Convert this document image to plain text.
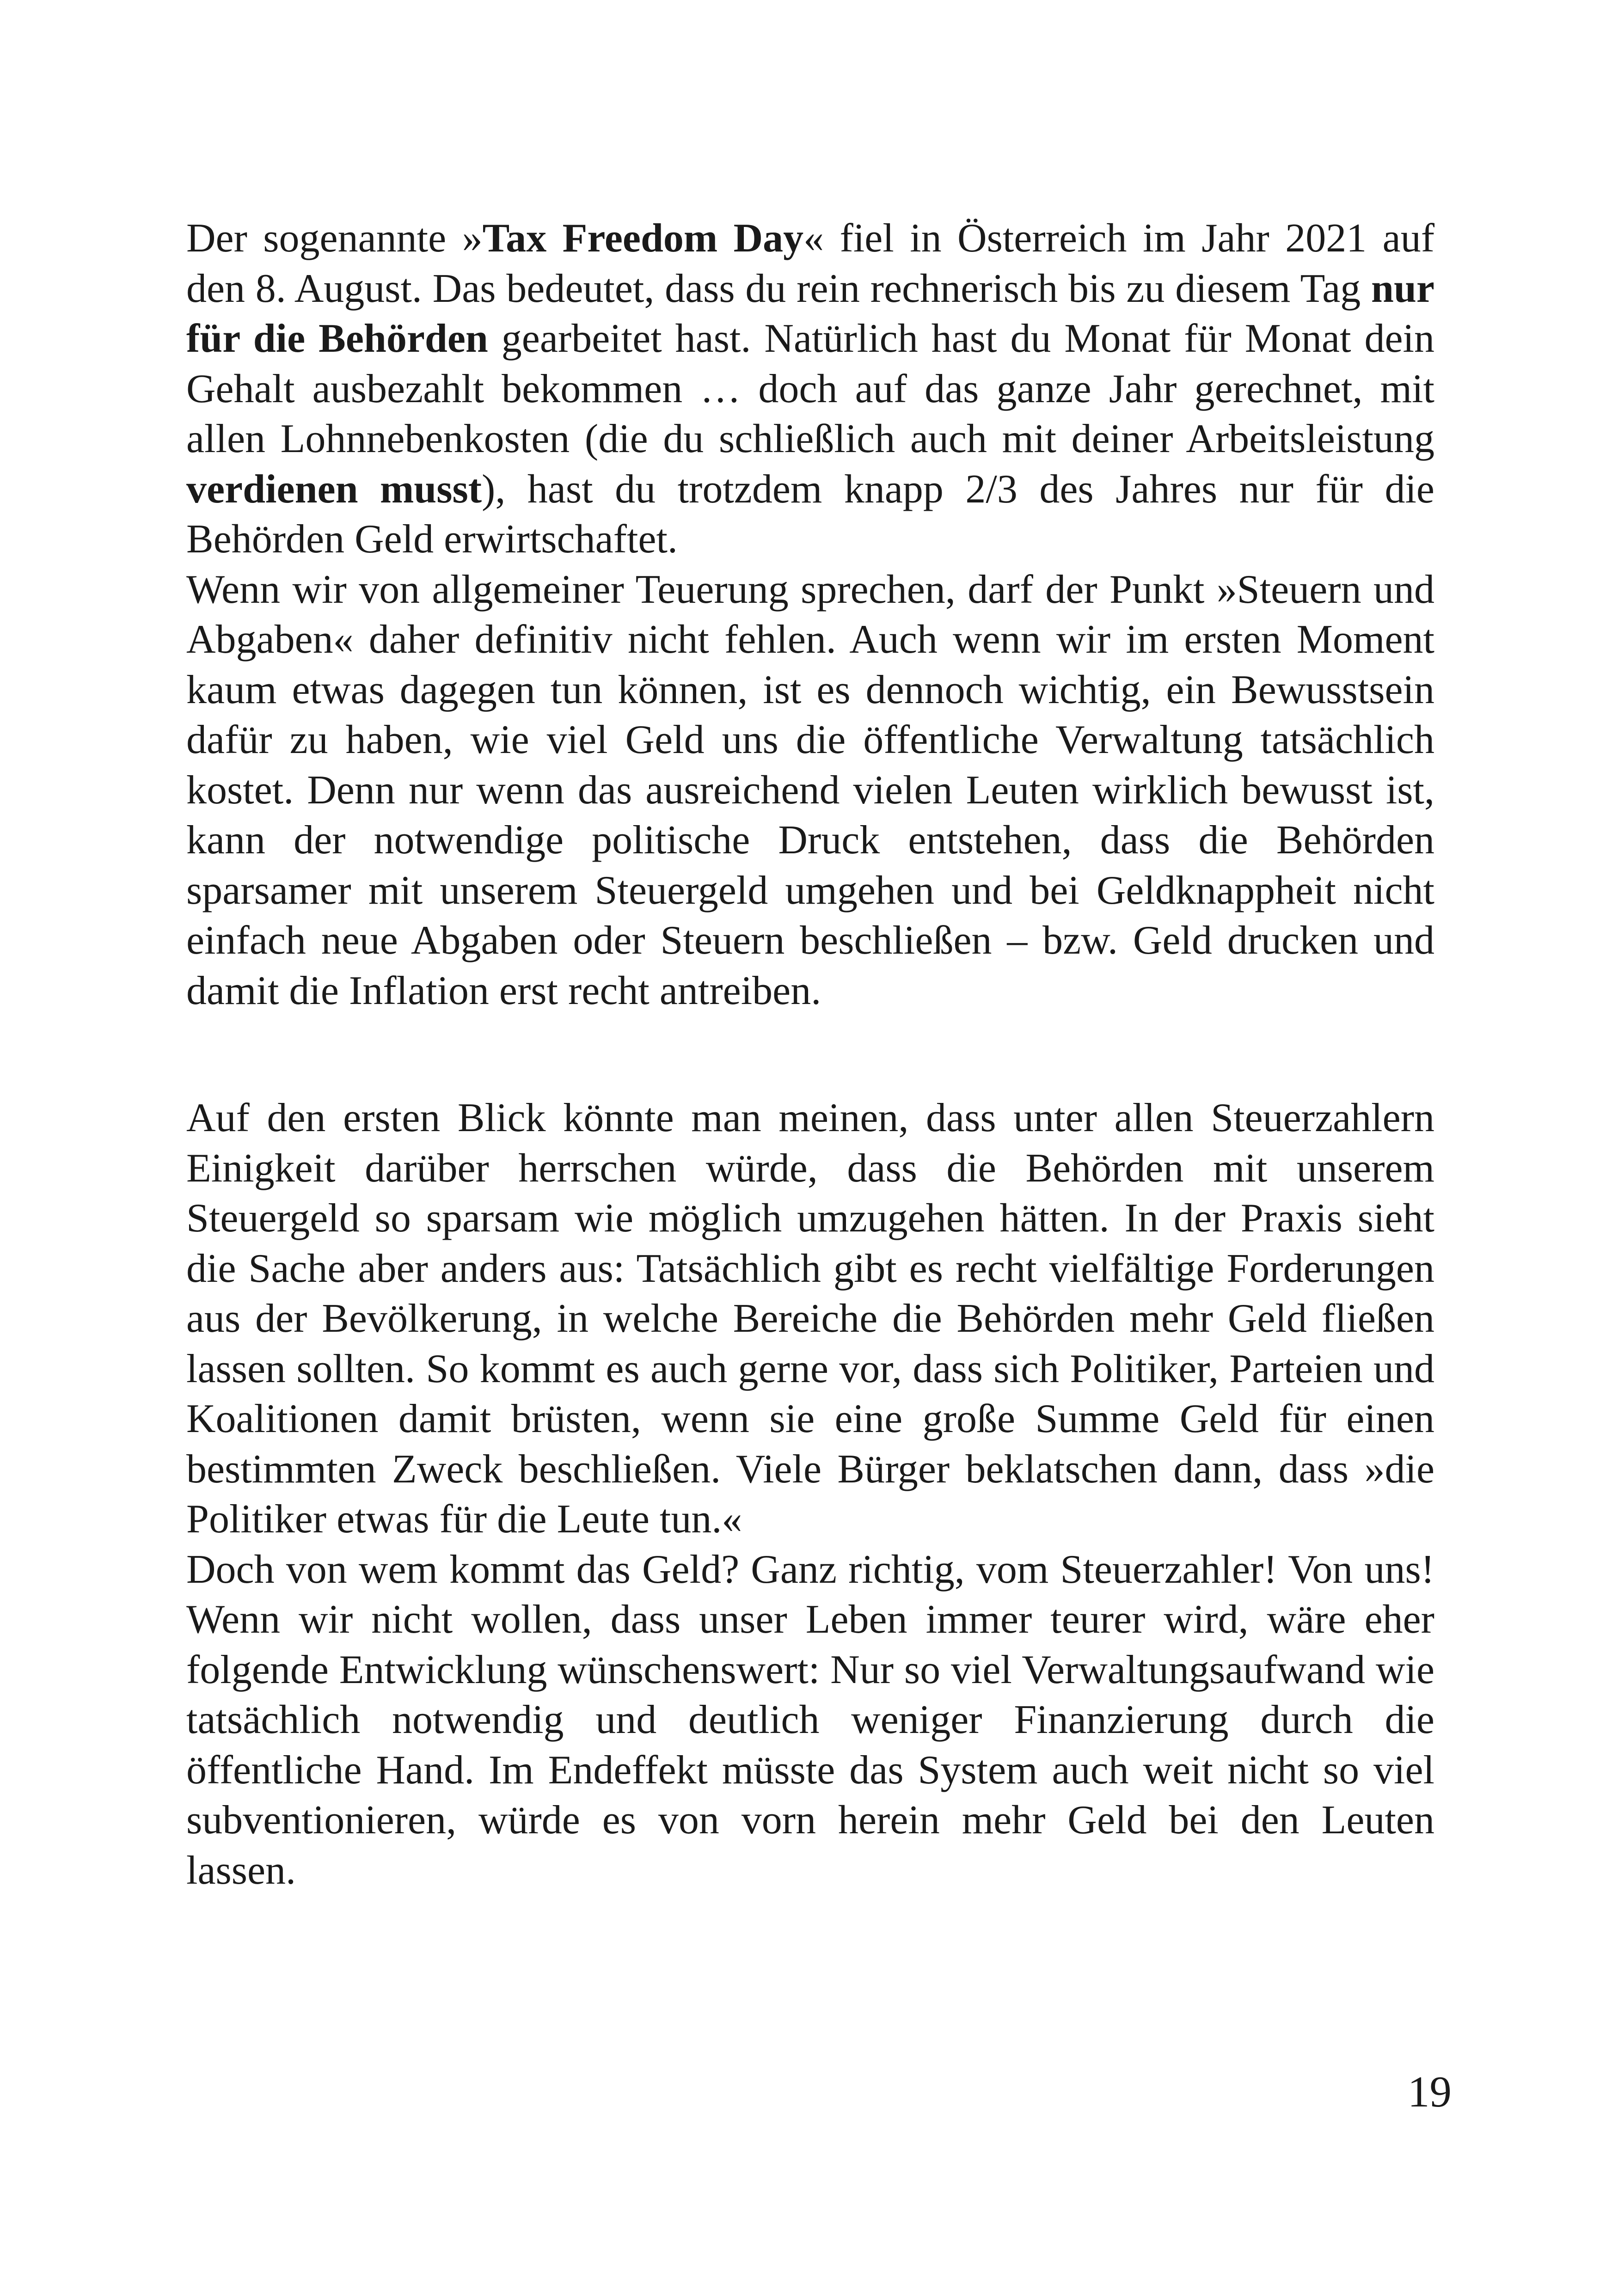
Der sogenannte »Tax Freedom Day« fiel in Österreich im Jahr 2021 auf den 8. August. Das bedeutet, dass du rein rechnerisch bis zu diesem Tag nur für die Behörden gearbeitet hast. Natürlich hast du Monat für Monat dein Gehalt ausbezahlt bekommen … doch auf das ganze Jahr gerechnet, mit allen Lohnnebenkosten (die du schließlich auch mit deiner Arbeitsleistung verdienen musst), hast du trotzdem knapp 2/3 des Jahres nur für die Behörden Geld erwirtschaftet.

Wenn wir von allgemeiner Teuerung sprechen, darf der Punkt »Steuern und Abgaben« daher definitiv nicht fehlen. Auch wenn wir im ersten Moment kaum etwas dagegen tun können, ist es dennoch wichtig, ein Bewusstsein dafür zu haben, wie viel Geld uns die öffentliche Verwaltung tatsächlich kostet. Denn nur wenn das ausreichend vielen Leuten wirklich bewusst ist, kann der notwendige politische Druck entstehen, dass die Behörden sparsamer mit unserem Steuergeld umgehen und bei Geldknappheit nicht einfach neue Abgaben oder Steuern beschließen – bzw. Geld drucken und damit die Inflation erst recht antreiben.

Auf den ersten Blick könnte man meinen, dass unter allen Steuerzahlern Einigkeit darüber herrschen würde, dass die Behörden mit unserem Steuergeld so sparsam wie möglich umzugehen hätten. In der Praxis sieht die Sache aber anders aus: Tatsächlich gibt es recht vielfältige Forderungen aus der Bevölkerung, in welche Bereiche die Behörden mehr Geld fließen lassen sollten. So kommt es auch gerne vor, dass sich Politiker, Parteien und Koalitionen damit brüsten, wenn sie eine große Summe Geld für einen bestimmten Zweck beschließen. Viele Bürger beklatschen dann, dass »die Politiker etwas für die Leute tun.«

Doch von wem kommt das Geld? Ganz richtig, vom Steuerzahler! Von uns! Wenn wir nicht wollen, dass unser Leben immer teurer wird, wäre eher folgende Entwicklung wünschenswert: Nur so viel Verwaltungsaufwand wie tatsächlich notwendig und deutlich weniger Finanzierung durch die öffentliche Hand. Im Endeffekt müsste das System auch weit nicht so viel subventionieren, würde es von vorn herein mehr Geld bei den Leuten lassen.

19
